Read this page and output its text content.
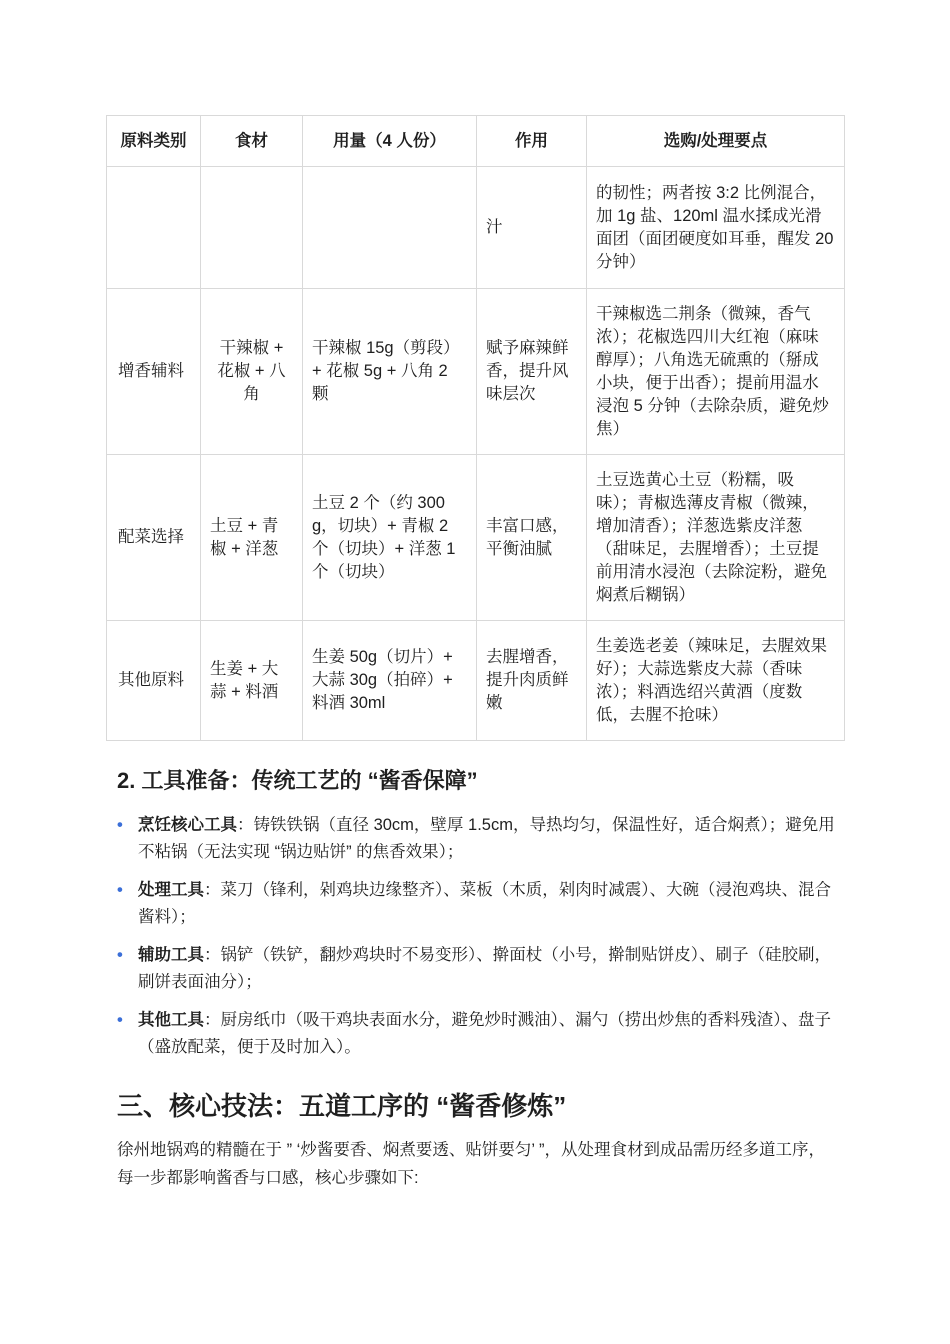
原料类别	食材	用量（4 人份）	作用	选购/处理要点
			汁	的韧性；两者按 3:2 比例混合，加 1g 盐、120ml 温水揉成光滑面团（面团硬度如耳垂，醒发 20 分钟）
增香辅料	干辣椒 + 花椒 + 八角	干辣椒 15g（剪段）+ 花椒 5g + 八角 2 颗	赋予麻辣鲜香，提升风味层次	干辣椒选二荆条（微辣，香气浓）；花椒选四川大红袍（麻味醇厚）；八角选无硫熏的（掰成小块，便于出香）；提前用温水浸泡 5 分钟（去除杂质，避免炒焦）
配菜选择	土豆 + 青椒 + 洋葱	土豆 2 个（约 300g，切块）+ 青椒 2 个（切块）+ 洋葱 1 个（切块）	丰富口感，平衡油腻	土豆选黄心土豆（粉糯，吸味）；青椒选薄皮青椒（微辣，增加清香）；洋葱选紫皮洋葱（甜味足，去腥增香）；土豆提前用清水浸泡（去除淀粉，避免焖煮后糊锅）
其他原料	生姜 + 大蒜 + 料酒	生姜 50g（切片）+ 大蒜 30g（拍碎）+ 料酒 30ml	去腥增香，提升肉质鲜嫩	生姜选老姜（辣味足，去腥效果好）；大蒜选紫皮大蒜（香味浓）；料酒选绍兴黄酒（度数低，去腥不抢味）
2. 工具准备：传统工艺的 “酱香保障”
• 烹饪核心工具：铸铁铁锅（直径 30cm，壁厚 1.5cm，导热均匀，保温性好，适合焖煮）；避免用不粘锅（无法实现 “锅边贴饼” 的焦香效果）；
• 处理工具：菜刀（锋利，剁鸡块边缘整齐）、菜板（木质，剁肉时减震）、大碗（浸泡鸡块、混合酱料）；
• 辅助工具：锅铲（铁铲，翻炒鸡块时不易变形）、擀面杖（小号，擀制贴饼皮）、刷子（硅胶刷，刷饼表面油分）；
• 其他工具：厨房纸巾（吸干鸡块表面水分，避免炒时溅油）、漏勺（捞出炒焦的香料残渣）、盘子（盛放配菜，便于及时加入）。
三、核心技法：五道工序的 “酱香修炼”

徐州地锅鸡的精髓在于 ” ‘炒酱要香、焖煮要透、贴饼要匀’ ”，从处理食材到成品需历经多道工序，每一步都影响酱香与口感，核心步骤如下:
